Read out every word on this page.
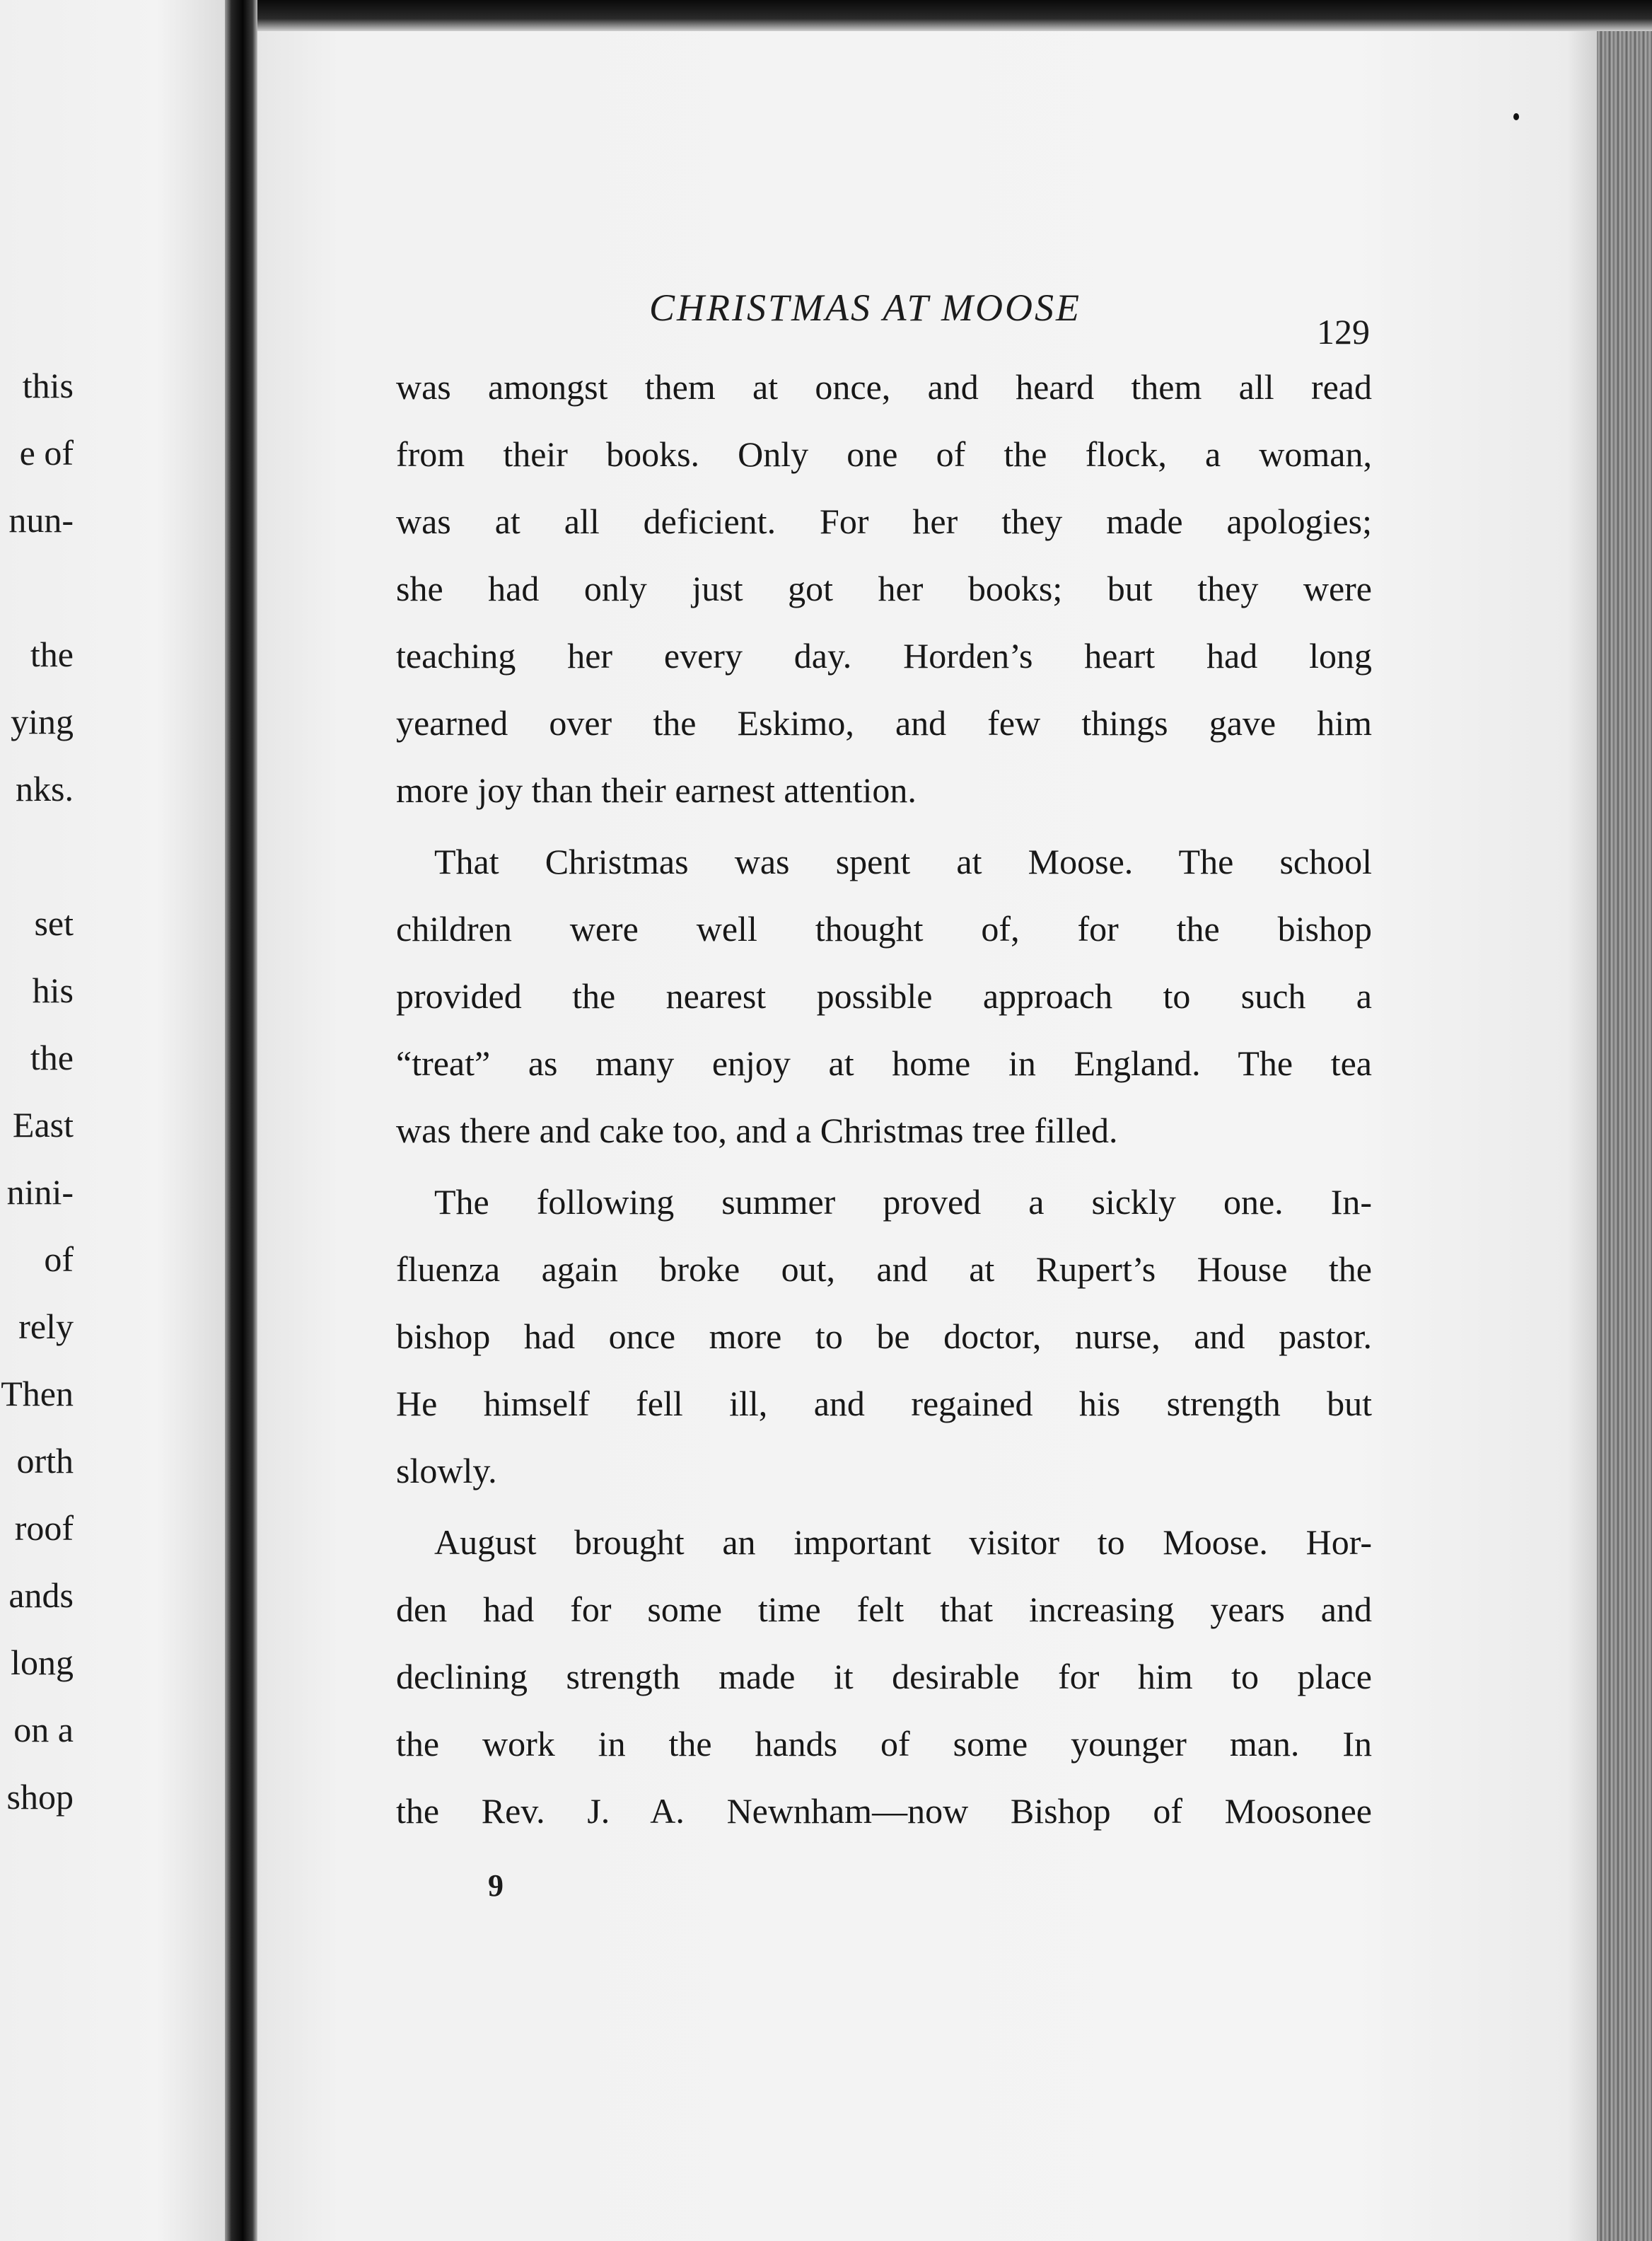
this
e of
nun-
the
ying
nks.
set
his
the
East
nini-
of
rely
Then
orth
roof
ands
long
on a
shop
CHRISTMAS AT MOOSE
129
was amongst them at once, and heard them all read
from their books. Only one of the flock, a woman,
was at all deficient. For her they made apologies;
she had only just got her books; but they were
teaching her every day. Horden’s heart had long
yearned over the Eskimo, and few things gave him
more joy than their earnest attention.
That Christmas was spent at Moose. The school
children were well thought of, for the bishop
provided the nearest possible approach to such a
“treat” as many enjoy at home in England. The tea
was there and cake too, and a Christmas tree filled.
The following summer proved a sickly one. In-
fluenza again broke out, and at Rupert’s House the
bishop had once more to be doctor, nurse, and pastor.
He himself fell ill, and regained his strength but
slowly.
August brought an important visitor to Moose. Hor-
den had for some time felt that increasing years and
declining strength made it desirable for him to place
the work in the hands of some younger man. In
the Rev. J. A. Newnham—now Bishop of Moosonee
9
